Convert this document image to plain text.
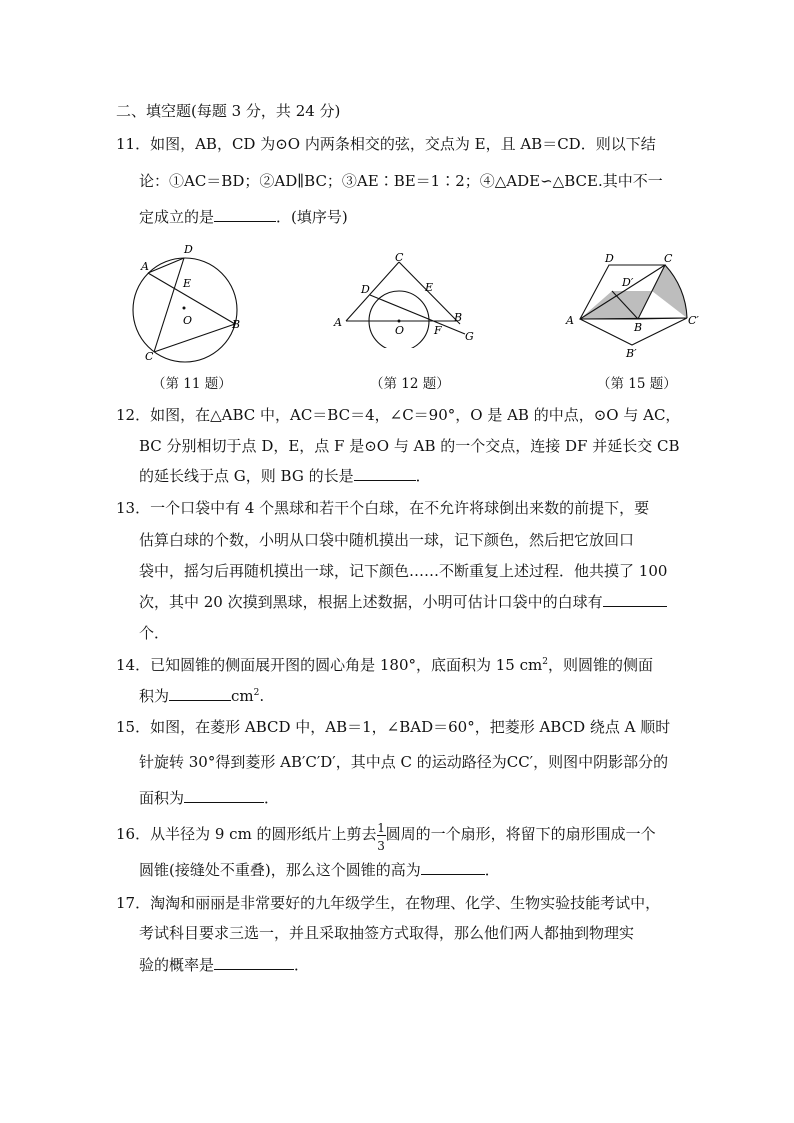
二、填空题(每题 3 分，共 24 分)
11．如图，AB，CD 为⊙O 内两条相交的弦，交点为 E，且 AB＝CD．则以下结
论：①AC＝BD；②AD∥BC；③AE∶BE＝1∶2；④△ADE∽△BCE.其中不一
定成立的是	．(填序号)
A
D
E
O	B
C
（第 11 题）
C
D	E
A
O	F
B
G
（第 12 题）
D	C
D′
A
B
C′
B′
（第 15 题）
12．如图，在△ABC 中，AC＝BC＝4，∠C＝90°，O 是 AB 的中点，⊙O 与 AC，
BC 分别相切于点 D，E，点 F 是⊙O 与 AB 的一个交点，连接 DF 并延长交 CB
的延长线于点 G，则 BG 的长是	．
13．一个口袋中有 4 个黑球和若干个白球，在不允许将球倒出来数的前提下，要
估算白球的个数，小明从口袋中随机摸出一球，记下颜色，然后把它放回口
袋中，摇匀后再随机摸出一球，记下颜色……不断重复上述过程．他共摸了 100
次，其中 20 次摸到黑球，根据上述数据，小明可估计口袋中的白球有
个．
14．已知圆锥的侧面展开图的圆心角是 180°，底面积为 15 $cm^2$，则圆锥的侧面
积为	$cm^2$.
15．如图，在菱形 ABCD 中，AB＝1，∠BAD＝60°，把菱形 ABCD 绕点 A 顺时
针旋转 30°得到菱形 AB′C′D′，其中点 C 的运动路径为CC′，则图中阴影部分的
面积为	．
16．从半径为 9 cm 的圆形纸片上剪去 $\frac{1}{3}$ 圆周的一个扇形，将留下的扇形围成一个
圆锥(接缝处不重叠)，那么这个圆锥的高为	．
17．淘淘和丽丽是非常要好的九年级学生，在物理、化学、生物实验技能考试中，
考试科目要求三选一，并且采取抽签方式取得，那么他们两人都抽到物理实
验的概率是	．
